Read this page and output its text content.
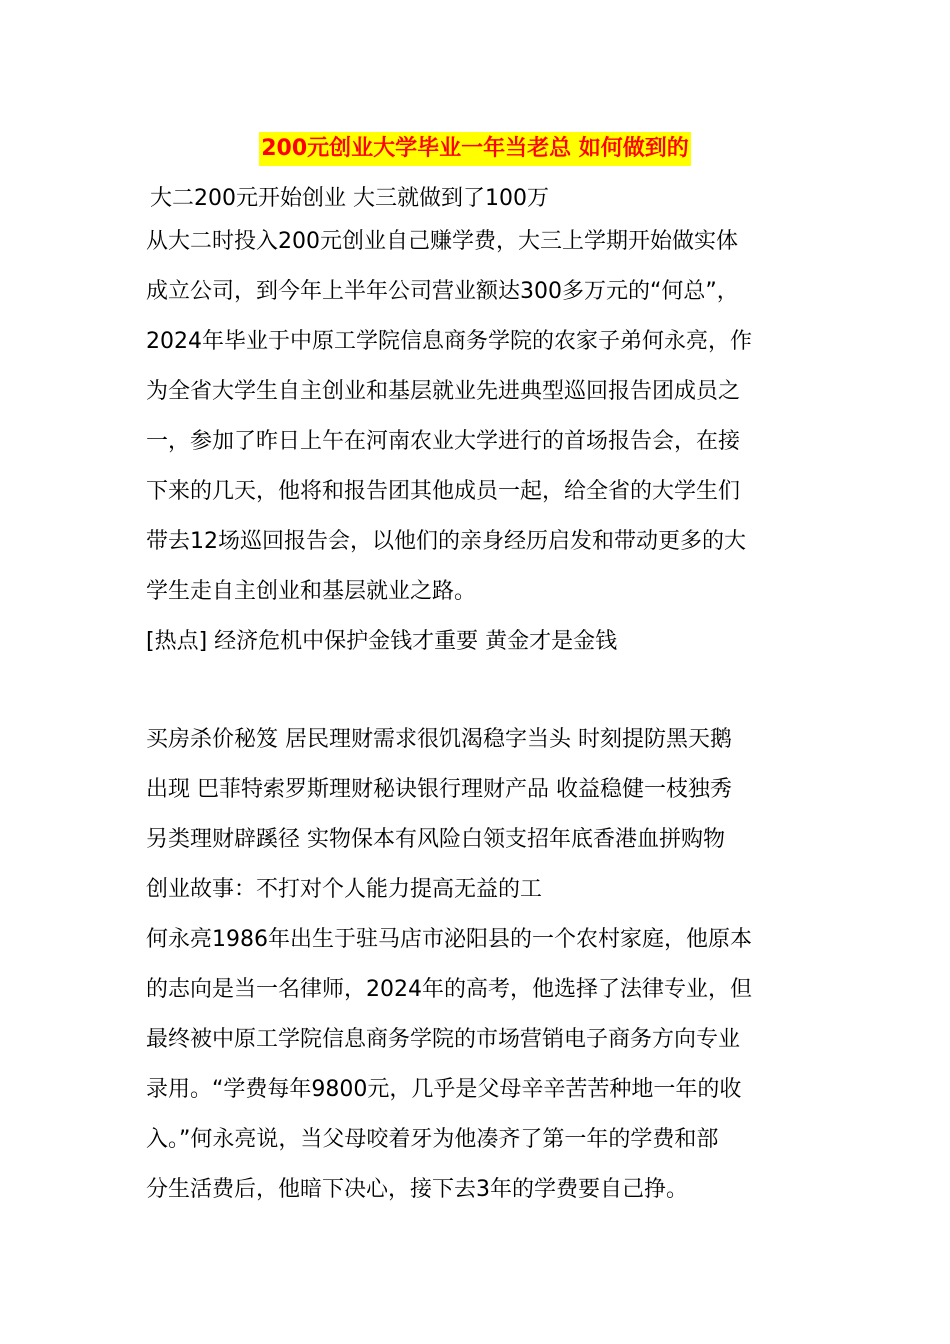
200元创业大学毕业一年当老总 如何做到的
大二200元开始创业 大三就做到了100万
从大二时投入200元创业自己赚学费，大三上学期开始做实体
成立公司，到今年上半年公司营业额达300多万元的“何总”，
2024年毕业于中原工学院信息商务学院的农家子弟何永亮，作
为全省大学生自主创业和基层就业先进典型巡回报告团成员之
一，参加了昨日上午在河南农业大学进行的首场报告会，在接
下来的几天，他将和报告团其他成员一起，给全省的大学生们
带去12场巡回报告会，以他们的亲身经历启发和带动更多的大
学生走自主创业和基层就业之路。
[热点] 经济危机中保护金钱才重要 黄金才是金钱
买房杀价秘笈 居民理财需求很饥渴稳字当头 时刻提防黑天鹅
出现 巴菲特索罗斯理财秘诀银行理财产品 收益稳健一枝独秀
另类理财辟蹊径 实物保本有风险白领支招年底香港血拼购物
创业故事：不打对个人能力提高无益的工
何永亮1986年出生于驻马店市泌阳县的一个农村家庭，他原本
的志向是当一名律师，2024年的高考，他选择了法律专业，但
最终被中原工学院信息商务学院的市场营销电子商务方向专业
录用。“学费每年9800元，几乎是父母辛辛苦苦种地一年的收
入。”何永亮说，当父母咬着牙为他凑齐了第一年的学费和部
分生活费后，他暗下决心，接下去3年的学费要自己挣。
